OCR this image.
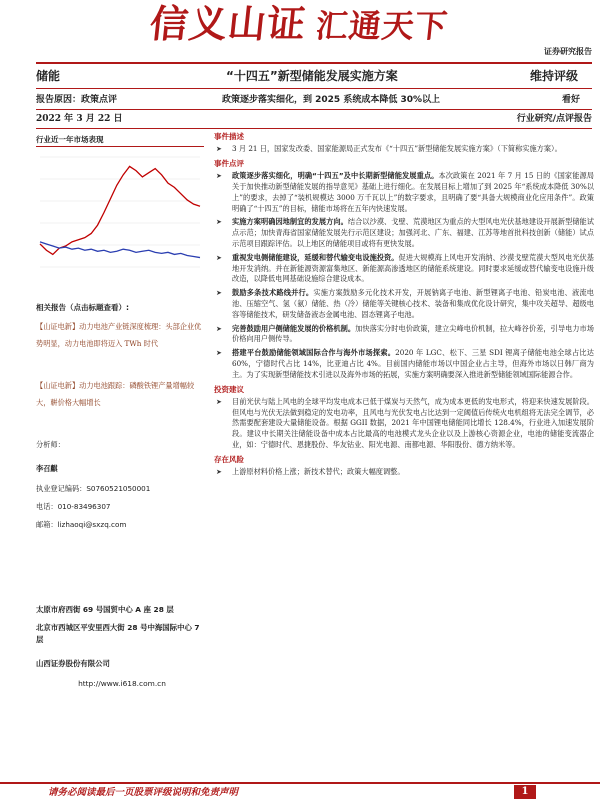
信义山证 汇通天下
证券研究报告
储能	“十四五”新型储能发展实施方案	维持评级
报告原因：政策点评	政策逐步落实细化，到 2025 系统成本降低 30%以上	看好
2022 年 3 月 22 日	行业研究/点评报告
行业近一年市场表现
相关报告（点击标题查看）:
【山证电新】动力电池产业链深度梳理：头部企业优势明显，动力电池即将迈入 TWh 时代
【山证电新】动力电池跟踪：磷酸铁锂产量增幅较大，輧价格大幅增长
分析师：
李召麒
执业登记编码：S0760521050001
电话：010-83496307
邮箱：lizhaoqi@sxzq.com
太原市府西街 69 号国贸中心 A 座 28 层
北京市西城区平安里西大街 28 号中海国际中心 7 层
山西证券股份有限公司
http://www.i618.com.cn
事件描述
➤ 3 月 21 日，国家发改委、国家能源局正式发布《“十四五”新型储能发展实施方案》（下简称实施方案）。
事件点评
➤ 政策逐步落实细化，明确“十四五”及中长期新型储能发展重点。本次政策在 2021 年 7 月 15 日的《国家能源局关于加快推动新型储能发展的指导意见》基础上进行细化。在发展目标上增加了到 2025 年“系统成本降低 30%以上”的要求，去掉了“装机规模达 3000 万千瓦以上”的数字要求，且明确了要“具备大规模商业化应用条件”。政策明确了“十四五”的目标，储能市场将在五年内快速发展。
➤ 实施方案明确因地制宜的发展方向。结合以沙漠、戈壁、荒漠地区为重点的大型风电光伏基地建设开展新型储能试点示范；加快青海省国家储能发展先行示范区建设；加强河北、广东、福建、江苏等地首批科技创新（储能）试点示范项目跟踪评估。以上地区的储能项目或将有更快发展。
➤ 重视发电侧储能建设，延缓和替代输变电设施投资。促进大规模海上风电开发消纳、沙漠戈壁荒漠大型风电光伏基地开发消纳。并在新能源资源富集地区、新能源高渗透地区的储能系统建设。同时要求延缓或替代输变电设施升级改造，以降低电网基础设施综合建设成本。
➤ 鼓励多条技术路线并行。实施方案鼓励多元化技术开发，开展钠离子电池、新型锂离子电池、铅炭电池、液流电池、压缩空气、氢（氨）储能、热（冷）储能等关键核心技术、装备和集成优化设计研究，集中攻关超导、超级电容等储能技术，研发储备液态金属电池、固态锂离子电池。
➤ 完善鼓励用户侧储能发展的价格机制。加快落实分时电价政策，建立尖峰电价机制，拉大峰谷价差，引导电力市场价格向用户侧传导。
➤ 搭建平台鼓励储能领域国际合作与海外市场探索。2020 年 LGC、松下、三星 SDI 锂离子储能电池全球占比达 60%，宁德时代占比 14%，比亚迪占比 4%。目前国内储能市场以中国企业占主导，但海外市场以日韩厂商为主。为了实现新型储能技术引进以及海外市场的拓展，实施方案明确要深入推进新型储能领域国际能源合作。
投资建议
➤ 目前光伏与陆上风电的全球平均发电成本已低于煤炭与天然气，成为成本更低的发电形式，将迎来快速发展阶段。但风电与光伏无法做到稳定的发电功率，且风电与光伏发电占比达到一定阈值后传统火电机组将无法完全调节，必然需要配套建设大量储能设备。根据 GGII 数据，2021 年中国锂电储能同比增长 128.4%，行业进入加速发展阶段。建议中长期关注储能设备中成本占比最高的电池模式龙头企业以及上游核心资源企业，电池的储能变流器企业，如：宁德时代、恩捷股份、华友钴业、阳光电源、南都电源、华阳股份、德方纳米等。
存在风险
➤ 上游原材料价格上涨；新技术替代；政策大幅度调整。
请务必阅读最后一页股票评级说明和免责声明	1
